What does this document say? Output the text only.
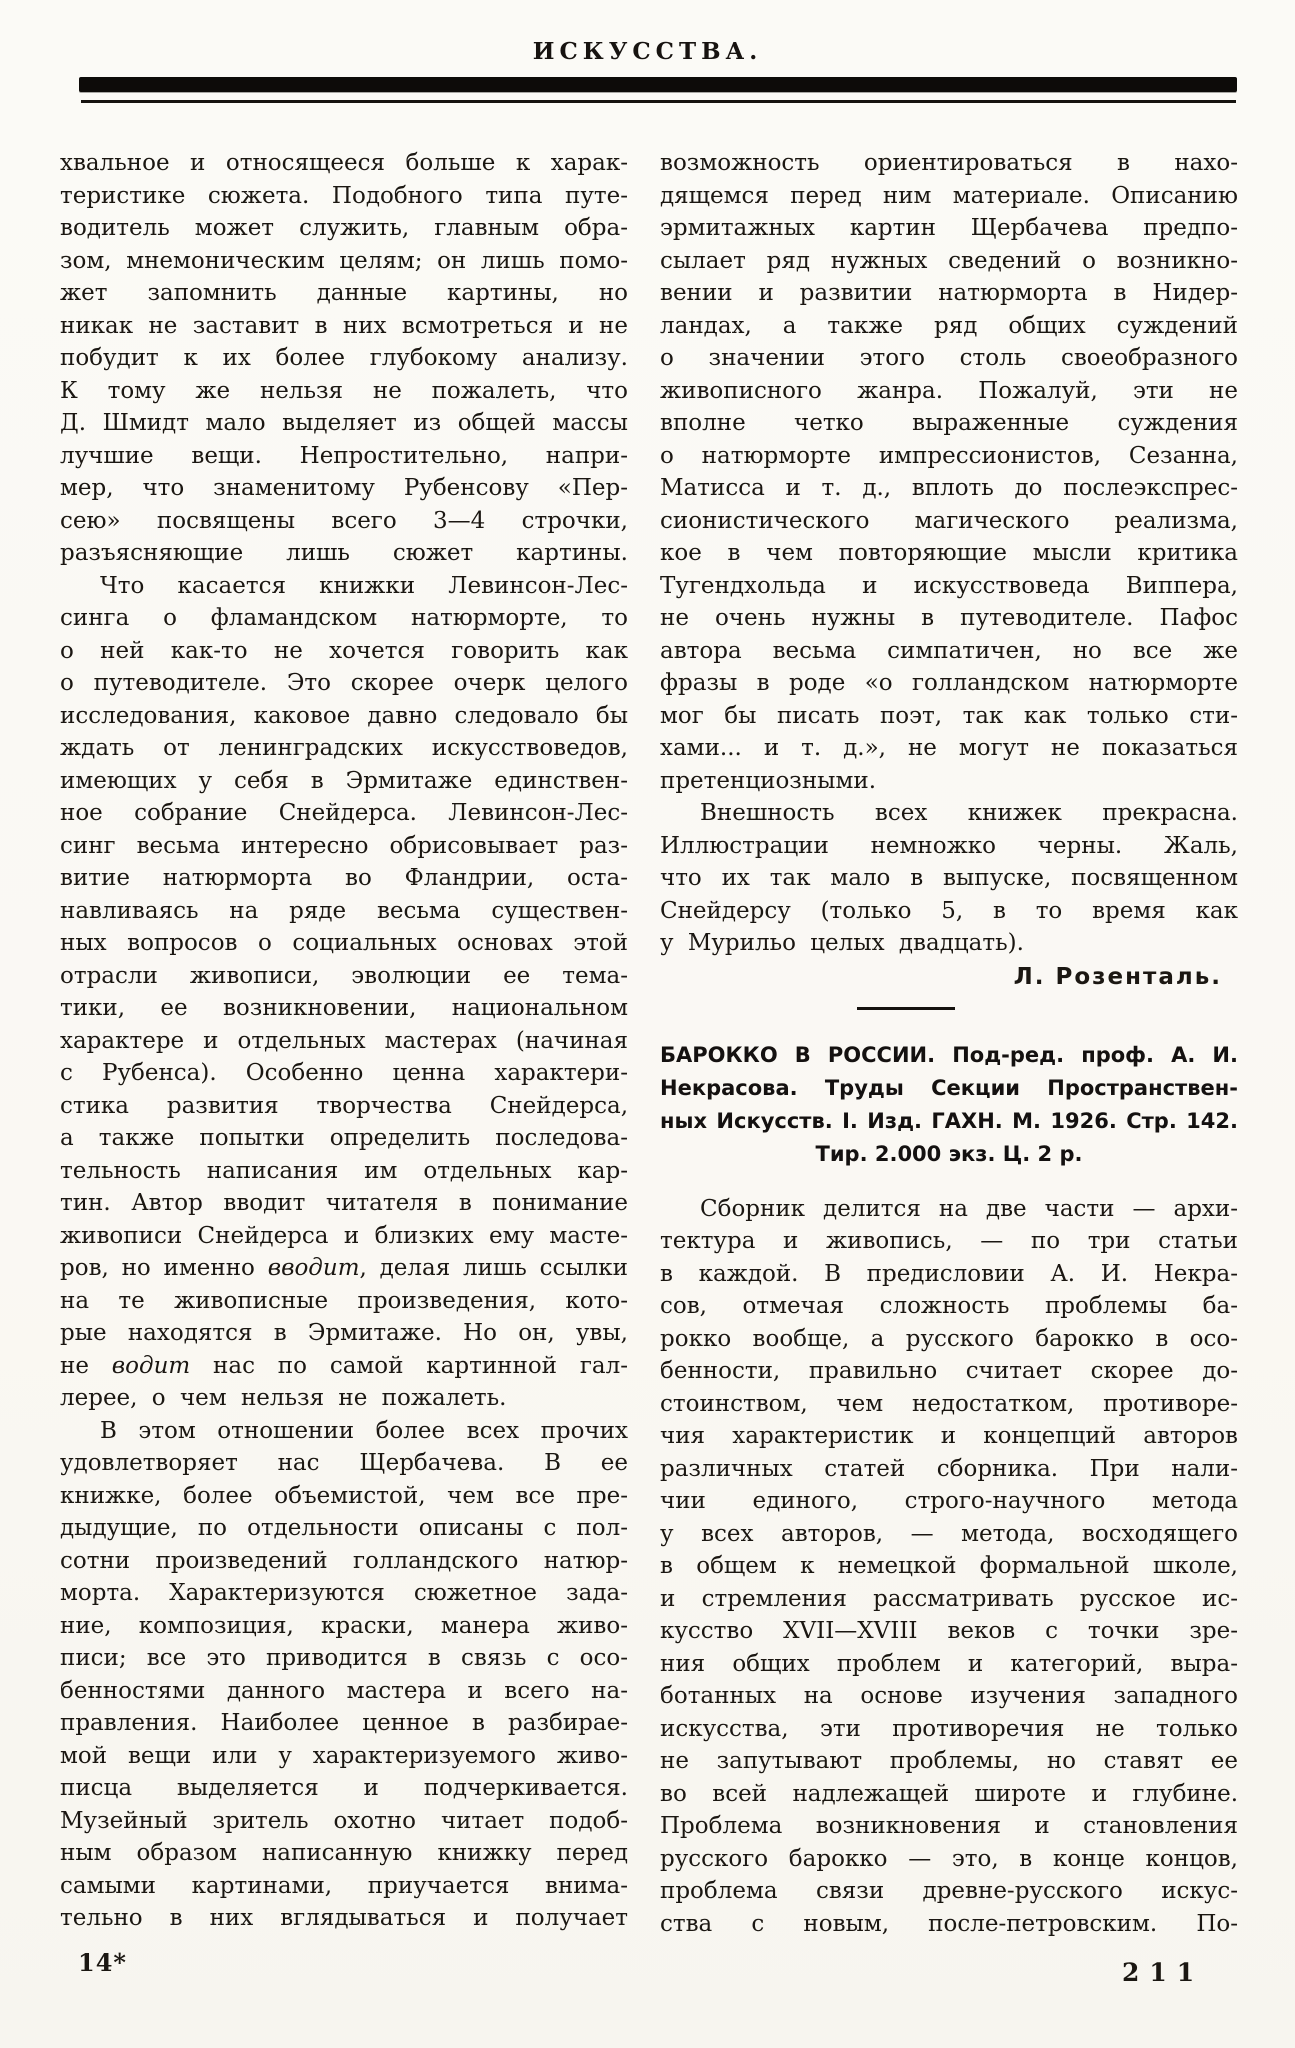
ИСКУССТВА.
хвальное и относящееся больше к харак-
теристике сюжета. Подобного типа путе-
водитель может служить, главным обра-
зом, мнемоническим целям; он лишь помо-
жет запомнить данные картины, но
никак не заставит в них всмотреться и не
побудит к их более глубокому анализу.
К тому же нельзя не пожалеть, что
Д. Шмидт мало выделяет из общей массы
лучшие вещи. Непростительно, напри-
мер, что знаменитому Рубенсову «Пер-
сею» посвящены всего 3—4 строчки,
разъясняющие лишь сюжет картины.
Что касается книжки Левинсон-Лес-
синга о фламандском натюрморте, то
о ней как-то не хочется говорить как
о путеводителе. Это скорее очерк целого
исследования, каковое давно следовало бы
ждать от ленинградских искусствоведов,
имеющих у себя в Эрмитаже единствен-
ное собрание Снейдерса. Левинсон-Лес-
синг весьма интересно обрисовывает раз-
витие натюрморта во Фландрии, оста-
навливаясь на ряде весьма существен-
ных вопросов о социальных основах этой
отрасли живописи, эволюции ее тема-
тики, ее возникновении, национальном
характере и отдельных мастерах (начиная
с Рубенса). Особенно ценна характери-
стика развития творчества Снейдерса,
а также попытки определить последова-
тельность написания им отдельных кар-
тин. Автор вводит читателя в понимание
живописи Снейдерса и близких ему масте-
ров, но именно вводит, делая лишь ссылки
на те живописные произведения, кото-
рые находятся в Эрмитаже. Но он, увы,
не водит нас по самой картинной гал-
лерее, о чем нельзя не пожалеть.
В этом отношении более всех прочих
удовлетворяет нас Щербачева. В ее
книжке, более объемистой, чем все пре-
дыдущие, по отдельности описаны с пол-
сотни произведений голландского натюр-
морта. Характеризуются сюжетное зада-
ние, композиция, краски, манера живо-
писи; все это приводится в связь с осо-
бенностями данного мастера и всего на-
правления. Наиболее ценное в разбирае-
мой вещи или у характеризуемого живо-
писца выделяется и подчеркивается.
Музейный зритель охотно читает подоб-
ным образом написанную книжку перед
самыми картинами, приучается внима-
тельно в них вглядываться и получает
возможность ориентироваться в нахо-
дящемся перед ним материале. Описанию
эрмитажных картин Щербачева предпо-
сылает ряд нужных сведений о возникно-
вении и развитии натюрморта в Нидер-
ландах, а также ряд общих суждений
о значении этого столь своеобразного
живописного жанра. Пожалуй, эти не
вполне четко выраженные суждения
о натюрморте импрессионистов, Сезанна,
Матисса и т. д., вплоть до послеэкспрес-
сионистического магического реализма,
кое в чем повторяющие мысли критика
Тугендхольда и искусствоведа Виппера,
не очень нужны в путеводителе. Пафос
автора весьма симпатичен, но все же
фразы в роде «о голландском натюрморте
мог бы писать поэт, так как только сти-
хами... и т. д.», не могут не показаться
претенциозными.
Внешность всех книжек прекрасна.
Иллюстрации немножко черны. Жаль,
что их так мало в выпуске, посвященном
Снейдерсу (только 5, в то время как
у Мурильо целых двадцать).
Л. Розенталь.
БАРОККО В РОССИИ. Под-ред. проф. А. И.
Некрасова. Труды Секции Пространствен-
ных Искусств. I. Изд. ГАХН. М. 1926. Стр. 142.
Тир. 2.000 экз. Ц. 2 р.
Сборник делится на две части — архи-
тектура и живопись, — по три статьи
в каждой. В предисловии А. И. Некра-
сов, отмечая сложность проблемы ба-
рокко вообще, а русского барокко в осо-
бенности, правильно считает скорее до-
стоинством, чем недостатком, противоре-
чия характеристик и концепций авторов
различных статей сборника. При нали-
чии единого, строго-научного метода
у всех авторов, — метода, восходящего
в общем к немецкой формальной школе,
и стремления рассматривать русское ис-
кусство XVII—XVIII веков с точки зре-
ния общих проблем и категорий, выра-
ботанных на основе изучения западного
искусства, эти противоречия не только
не запутывают проблемы, но ставят ее
во всей надлежащей широте и глубине.
Проблема возникновения и становления
русского барокко — это, в конце концов,
проблема связи древне-русского искус-
ства с новым, после-петровским. По-
14*	211
